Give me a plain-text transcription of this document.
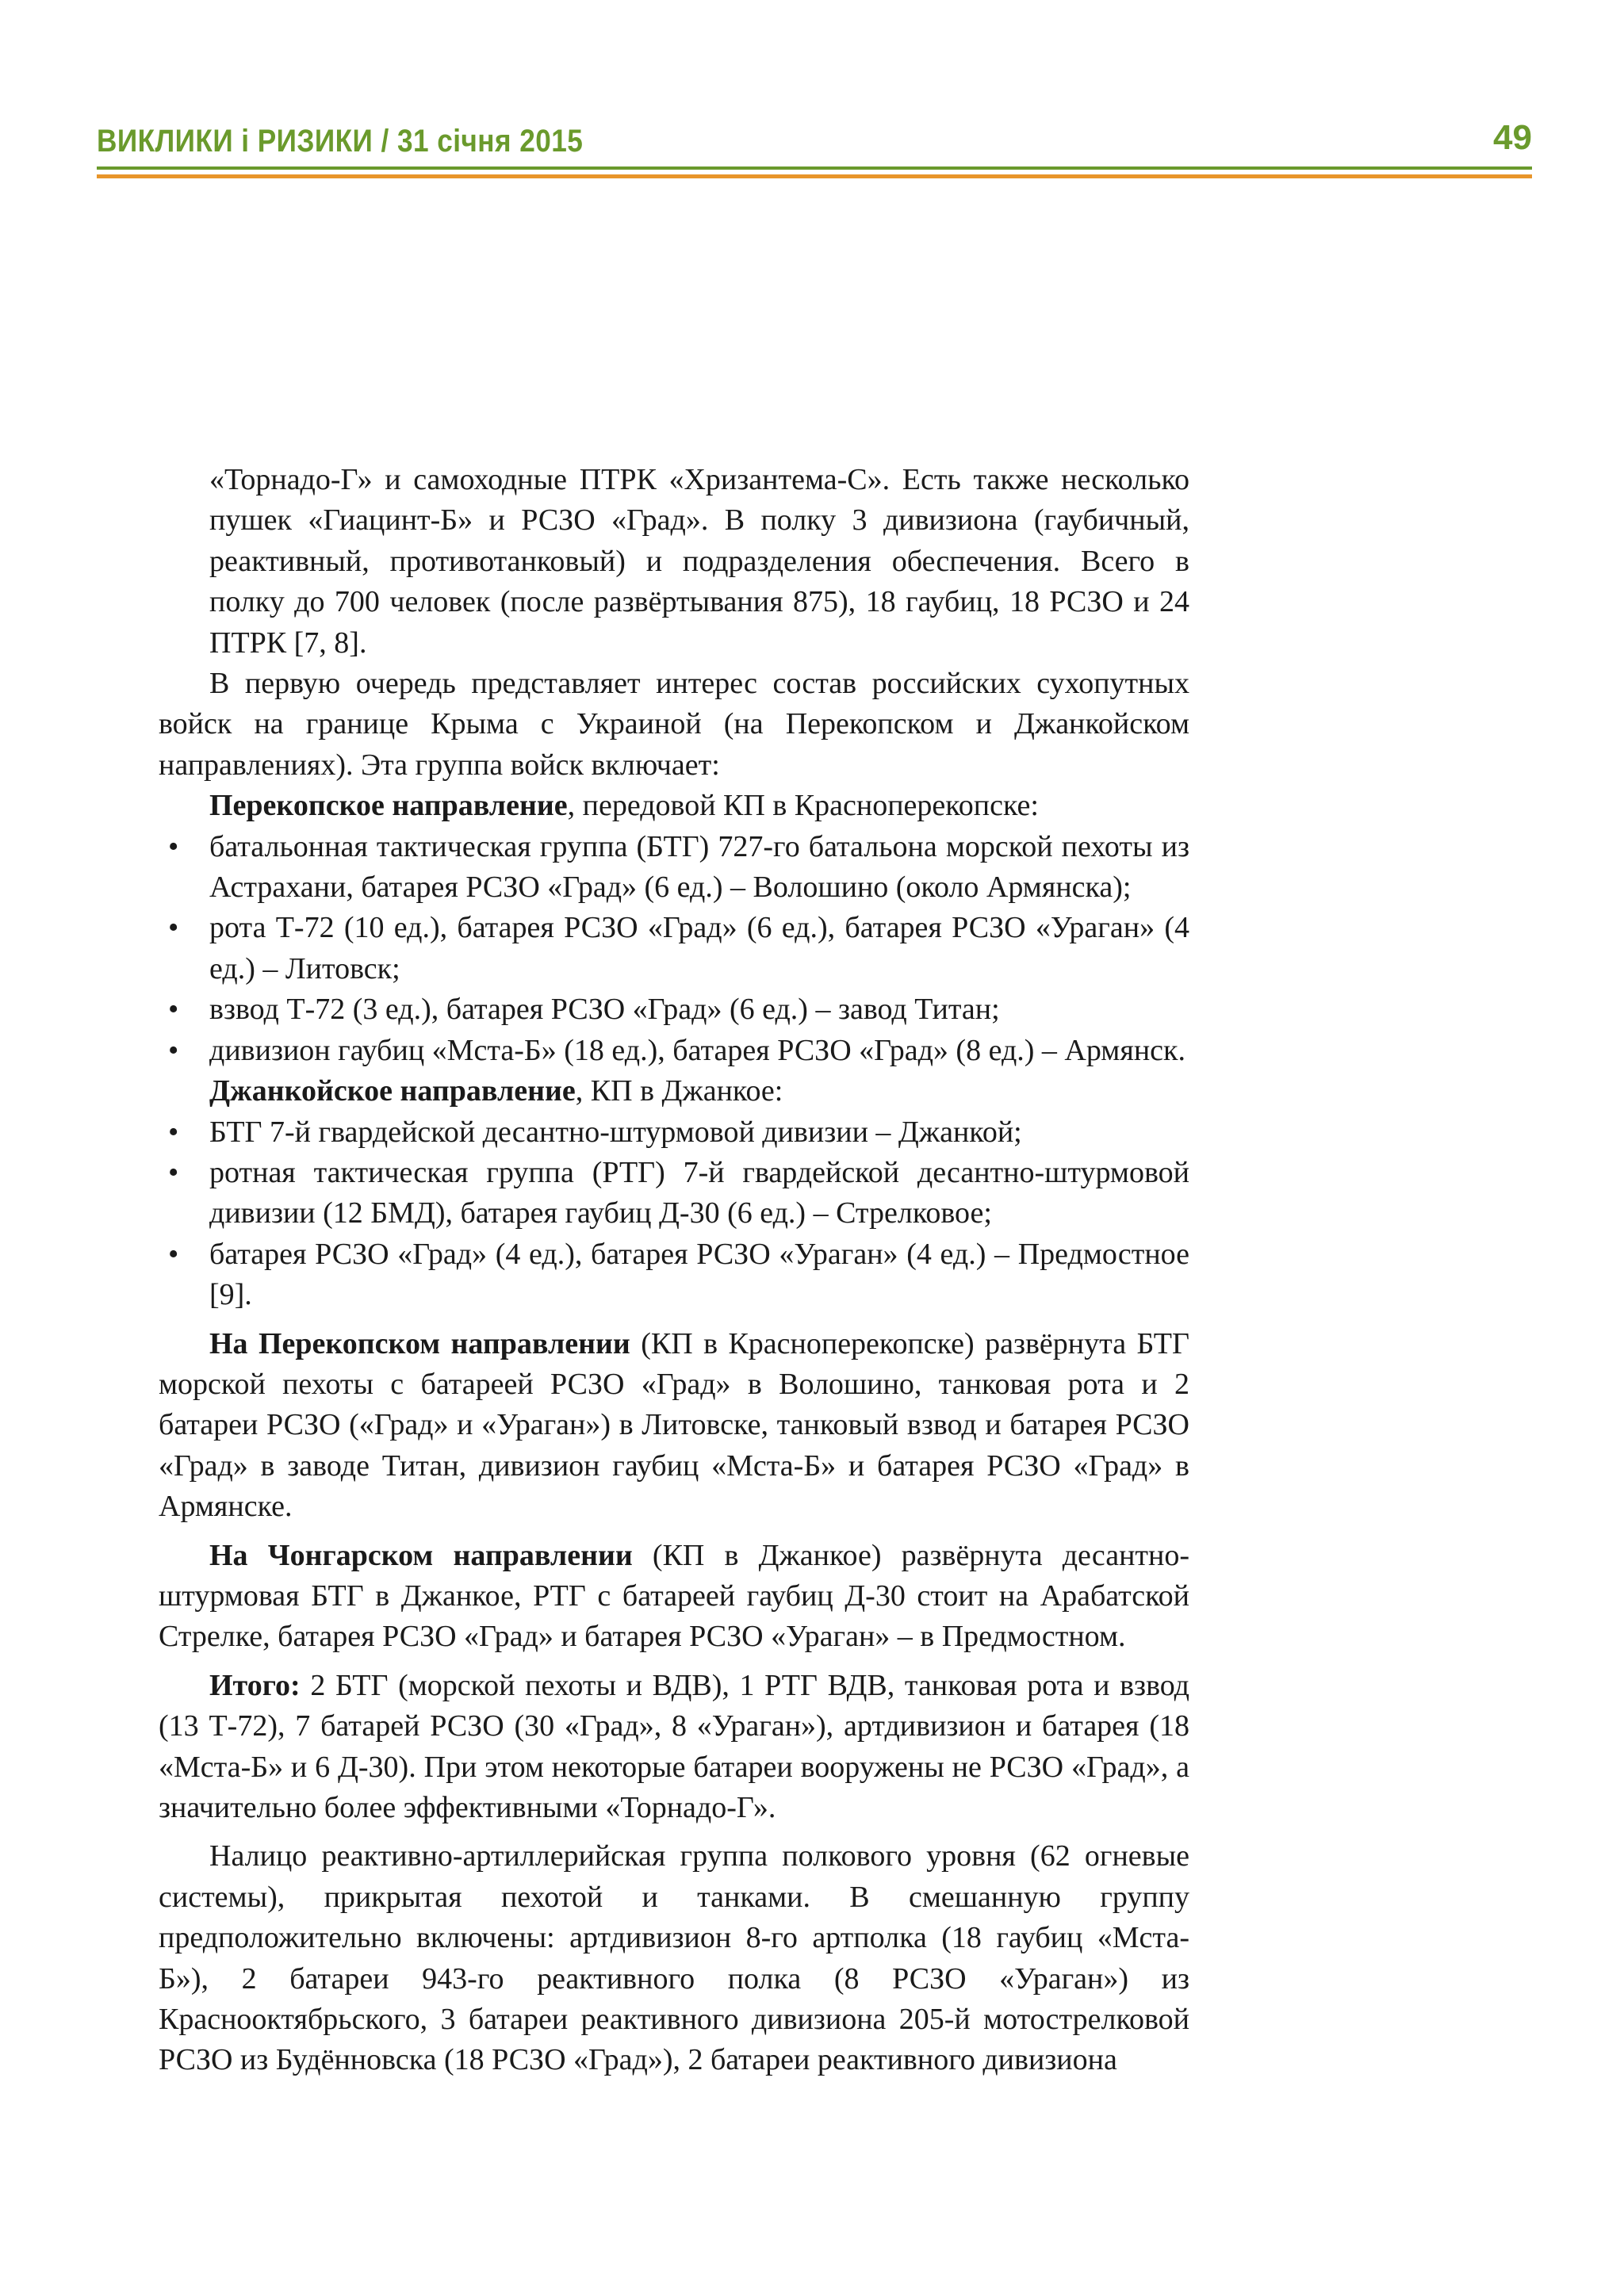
ВИКЛИКИ і РИЗИКИ / 31 січня 2015	49

«Торнадо-Г» и самоходные ПТРК «Хризантема-С». Есть также несколько пушек «Гиацинт-Б» и РСЗО «Град». В полку 3 дивизиона (гаубичный, реактивный, противотанковый) и подразделения обеспечения. Всего в полку до 700 человек (после развёртывания 875), 18 гаубиц, 18 РСЗО и 24 ПТРК [7, 8].

В первую очередь представляет интерес состав российских сухопутных войск на границе Крыма с Украиной (на Перекопском и Джанкойском направлениях). Эта группа войск включает:

Перекопское направление, передовой КП в Красноперекопске:

• батальонная тактическая группа (БТГ) 727-го батальона морской пехоты из Астрахани, батарея РСЗО «Град» (6 ед.) – Волошино (около Армянска);
• рота Т-72 (10 ед.), батарея РСЗО «Град» (6 ед.), батарея РСЗО «Ураган» (4 ед.) – Литовск;
• взвод Т-72 (3 ед.), батарея РСЗО «Град» (6 ед.) – завод Титан;
• дивизион гаубиц «Мста-Б» (18 ед.), батарея РСЗО «Град» (8 ед.) – Армянск.

Джанкойское направление, КП в Джанкое:

• БТГ 7-й гвардейской десантно-штурмовой дивизии – Джанкой;
• ротная тактическая группа (РТГ) 7-й гвардейской десантно-штурмовой дивизии (12 БМД), батарея гаубиц Д-30 (6 ед.) – Стрелковое;
• батарея РСЗО «Град» (4 ед.), батарея РСЗО «Ураган» (4 ед.) – Предмостное [9].

На Перекопском направлении (КП в Красноперекопске) развёрнута БТГ морской пехоты с батареей РСЗО «Град» в Волошино, танковая рота и 2 батареи РСЗО («Град» и «Ураган») в Литовске, танковый взвод и батарея РСЗО «Град» в заводе Титан, дивизион гаубиц «Мста-Б» и батарея РСЗО «Град» в Армянске.

На Чонгарском направлении (КП в Джанкое) развёрнута десантно-штурмовая БТГ в Джанкое, РТГ с батареей гаубиц Д-30 стоит на Арабатской Стрелке, батарея РСЗО «Град» и батарея РСЗО «Ураган» – в Предмостном.

Итого: 2 БТГ (морской пехоты и ВДВ), 1 РТГ ВДВ, танковая рота и взвод (13 Т-72), 7 батарей РСЗО (30 «Град», 8 «Ураган»), артдивизион и батарея (18 «Мста-Б» и 6 Д-30). При этом некоторые батареи вооружены не РСЗО «Град», а значительно более эффективными «Торнадо-Г».

Налицо реактивно-артиллерийская группа полкового уровня (62 огневые системы), прикрытая пехотой и танками. В смешанную группу предположительно включены: артдивизион 8-го артполка (18 гаубиц «Мста-Б»), 2 батареи 943-го реактивного полка (8 РСЗО «Ураган») из Краснооктябрьского, 3 батареи реактивного дивизиона 205-й мотострелковой РСЗО из Будённовска (18 РСЗО «Град»), 2 батареи реактивного дивизиона
